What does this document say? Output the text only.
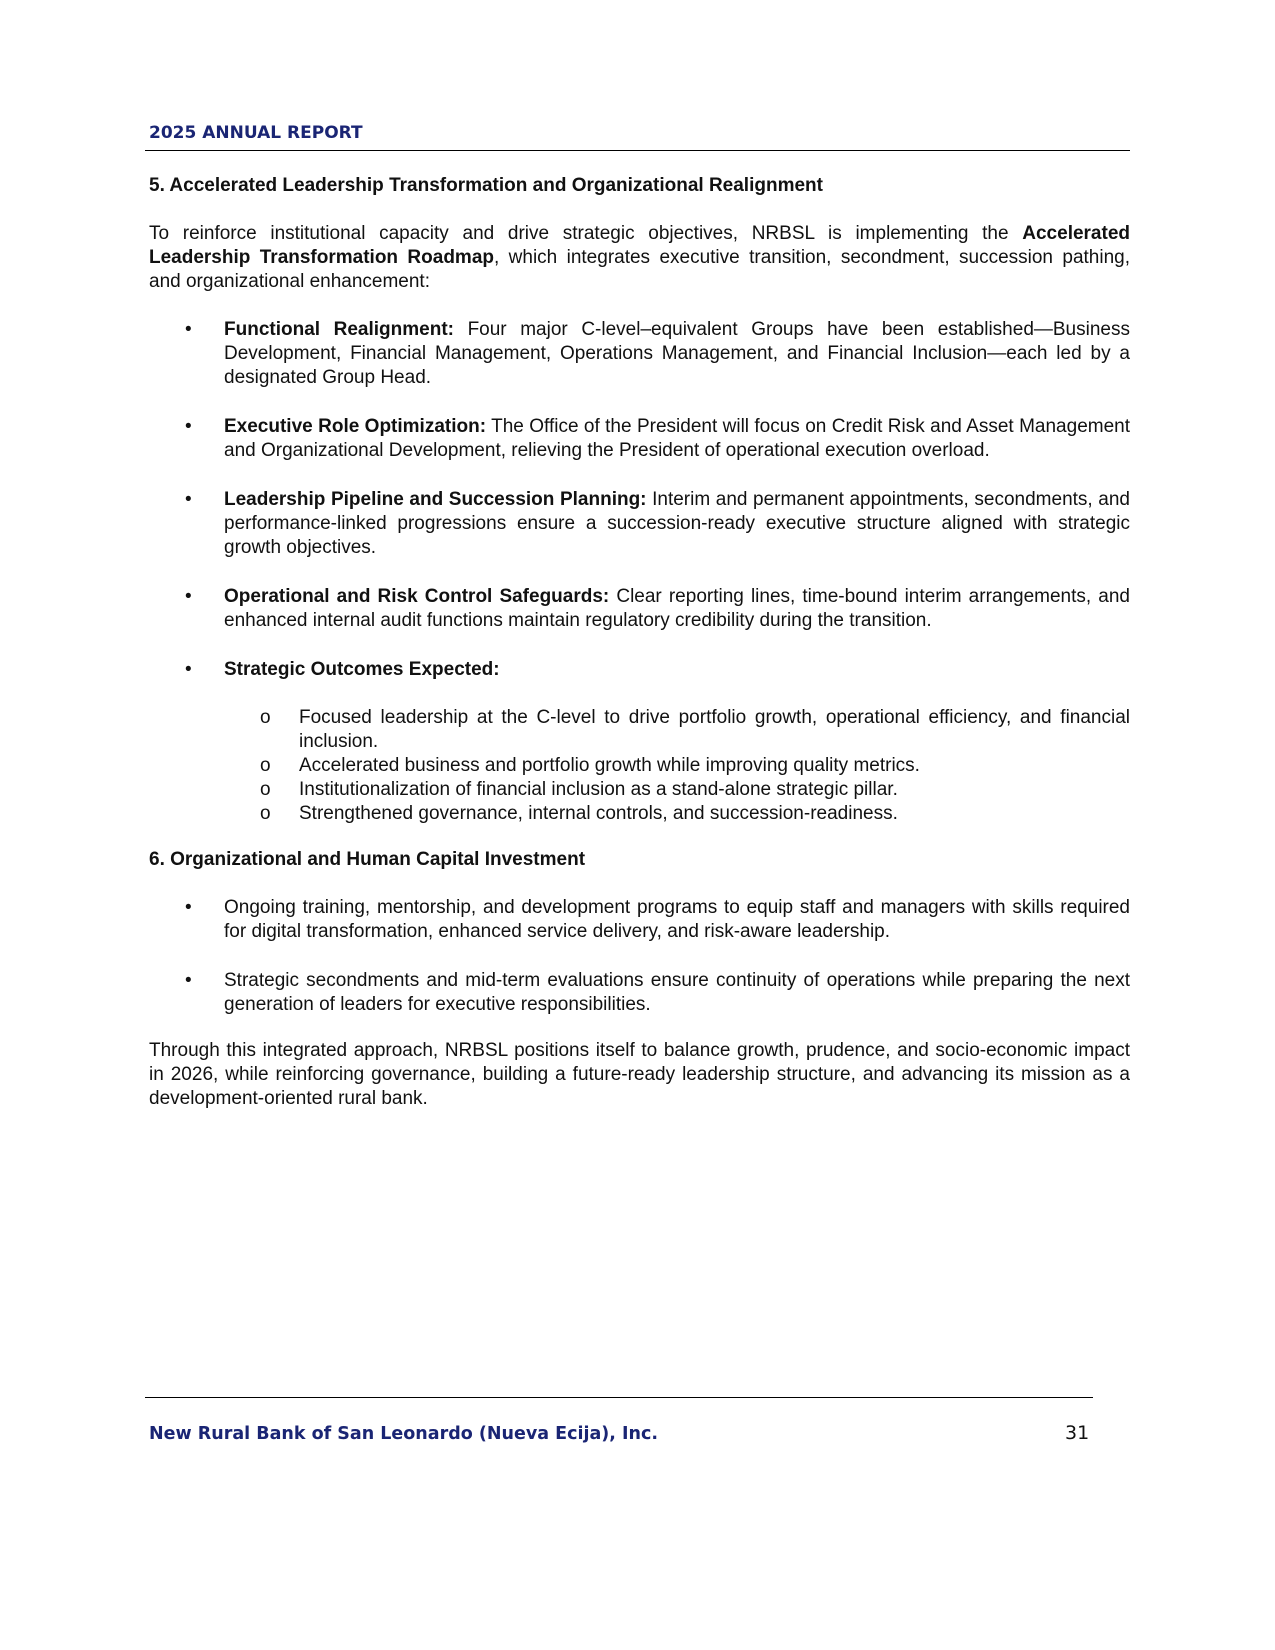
2025 ANNUAL REPORT
5. Accelerated Leadership Transformation and Organizational Realignment

To reinforce institutional capacity and drive strategic objectives, NRBSL is implementing the Accelerated Leadership Transformation Roadmap, which integrates executive transition, secondment, succession pathing, and organizational enhancement:

• Functional Realignment: Four major C-level–equivalent Groups have been established—Business Development, Financial Management, Operations Management, and Financial Inclusion—each led by a designated Group Head.
• Executive Role Optimization: The Office of the President will focus on Credit Risk and Asset Management and Organizational Development, relieving the President of operational execution overload.
• Leadership Pipeline and Succession Planning: Interim and permanent appointments, secondments, and performance-linked progressions ensure a succession-ready executive structure aligned with strategic growth objectives.
• Operational and Risk Control Safeguards: Clear reporting lines, time-bound interim arrangements, and enhanced internal audit functions maintain regulatory credibility during the transition.
• Strategic Outcomes Expected:
o	Focused leadership at the C-level to drive portfolio growth, operational efficiency, and financial inclusion.
o	Accelerated business and portfolio growth while improving quality metrics.
o	Institutionalization of financial inclusion as a stand-alone strategic pillar.
o	Strengthened governance, internal controls, and succession-readiness.
6. Organizational and Human Capital Investment
• Ongoing training, mentorship, and development programs to equip staff and managers with skills required for digital transformation, enhanced service delivery, and risk-aware leadership.
• Strategic secondments and mid-term evaluations ensure continuity of operations while preparing the next generation of leaders for executive responsibilities.

Through this integrated approach, NRBSL positions itself to balance growth, prudence, and socio-economic impact in 2026, while reinforcing governance, building a future-ready leadership structure, and advancing its mission as a development-oriented rural bank.

New Rural Bank of San Leonardo (Nueva Ecija), Inc.	31
